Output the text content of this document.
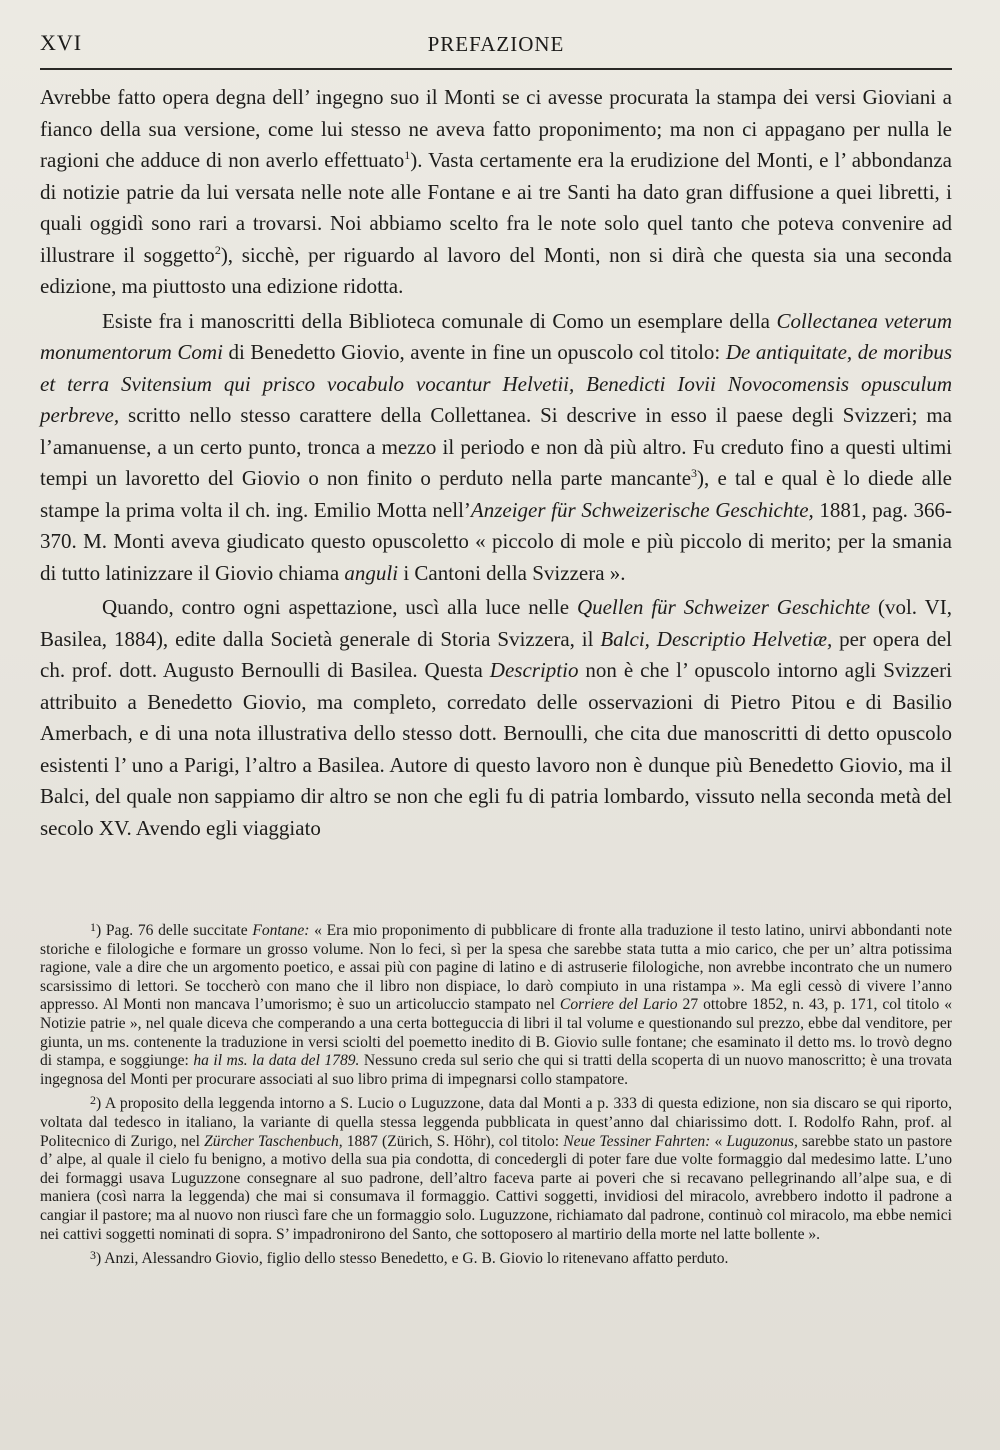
XVI	PREFAZIONE

Avrebbe fatto opera degna dell’ ingegno suo il Monti se ci avesse procurata la stampa dei versi Gioviani a fianco della sua versione, come lui stesso ne aveva fatto proponimento; ma non ci appagano per nulla le ragioni che adduce di non averlo effettuato$^1$). Vasta certamente era la erudizione del Monti, e l’ abbondanza di notizie patrie da lui versata nelle note alle Fontane e ai tre Santi ha dato gran diffusione a quei libretti, i quali oggidì sono rari a trovarsi. Noi abbiamo scelto fra le note solo quel tanto che poteva convenire ad illustrare il soggetto$^2$), sicchè, per riguardo al lavoro del Monti, non si dirà che questa sia una seconda edizione, ma piuttosto una edizione ridotta.

Esiste fra i manoscritti della Biblioteca comunale di Como un esemplare della Collectanea veterum monumentorum Comi di Benedetto Giovio, avente in fine un opuscolo col titolo: De antiquitate, de moribus et terra Svitensium qui prisco vocabulo vocantur Helvetii, Benedicti Iovii Novocomensis opusculum perbreve, scritto nello stesso carattere della Collettanea. Si descrive in esso il paese degli Svizzeri; ma l’amanuense, a un certo punto, tronca a mezzo il periodo e non dà più altro. Fu creduto fino a questi ultimi tempi un lavoretto del Giovio o non finito o perduto nella parte mancante$^3$), e tal e qual è lo diede alle stampe la prima volta il ch. ing. Emilio Motta nell’Anzeiger für Schweizerische Geschichte, 1881, pag. 366-370. M. Monti aveva giudicato questo opuscoletto « piccolo di mole e più piccolo di merito; per la smania di tutto latinizzare il Giovio chiama anguli i Cantoni della Svizzera ».

Quando, contro ogni aspettazione, uscì alla luce nelle Quellen für Schweizer Geschichte (vol. VI, Basilea, 1884), edite dalla Società generale di Storia Svizzera, il Balci, Descriptio Helvetiæ, per opera del ch. prof. dott. Augusto Bernoulli di Basilea. Questa Descriptio non è che l’ opuscolo intorno agli Svizzeri attribuito a Benedetto Giovio, ma completo, corredato delle osservazioni di Pietro Pitou e di Basilio Amerbach, e di una nota illustrativa dello stesso dott. Bernoulli, che cita due manoscritti di detto opuscolo esistenti l’ uno a Parigi, l’altro a Basilea. Autore di questo lavoro non è dunque più Benedetto Giovio, ma il Balci, del quale non sappiamo dir altro se non che egli fu di patria lombardo, vissuto nella seconda metà del secolo XV. Avendo egli viaggiato

$^1$) Pag. 76 delle succitate Fontane: « Era mio proponimento di pubblicare di fronte alla traduzione il testo latino, unirvi abbondanti note storiche e filologiche e formare un grosso volume. Non lo feci, sì per la spesa che sarebbe stata tutta a mio carico, che per un’ altra potissima ragione, vale a dire che un argomento poetico, e assai più con pagine di latino e di astruserie filologiche, non avrebbe incontrato che un numero scarsissimo di lettori. Se toccherò con mano che il libro non dispiace, lo darò compiuto in una ristampa ». Ma egli cessò di vivere l’anno appresso. Al Monti non mancava l’umorismo; è suo un articoluccio stampato nel Corriere del Lario 27 ottobre 1852, n. 43, p. 171, col titolo « Notizie patrie », nel quale diceva che comperando a una certa botteguccia di libri il tal volume e questionando sul prezzo, ebbe dal venditore, per giunta, un ms. contenente la traduzione in versi sciolti del poemetto inedito di B. Giovio sulle fontane; che esaminato il detto ms. lo trovò degno di stampa, e soggiunge: ha il ms. la data del 1789. Nessuno creda sul serio che qui si tratti della scoperta di un nuovo manoscritto; è una trovata ingegnosa del Monti per procurare associati al suo libro prima di impegnarsi collo stampatore.

$^2$) A proposito della leggenda intorno a S. Lucio o Luguzzone, data dal Monti a p. 333 di questa edizione, non sia discaro se qui riporto, voltata dal tedesco in italiano, la variante di quella stessa leggenda pubblicata in quest’anno dal chiarissimo dott. I. Rodolfo Rahn, prof. al Politecnico di Zurigo, nel Zürcher Taschenbuch, 1887 (Zürich, S. Höhr), col titolo: Neue Tessiner Fahrten: « Luguzonus, sarebbe stato un pastore d’ alpe, al quale il cielo fu benigno, a motivo della sua pia condotta, di concedergli di poter fare due volte formaggio dal medesimo latte. L’uno dei formaggi usava Luguzzone consegnare al suo padrone, dell’altro faceva parte ai poveri che si recavano pellegrinando all’alpe sua, e di maniera (così narra la leggenda) che mai si consumava il formaggio. Cattivi soggetti, invidiosi del miracolo, avrebbero indotto il padrone a cangiar il pastore; ma al nuovo non riuscì fare che un formaggio solo. Luguzzone, richiamato dal padrone, continuò col miracolo, ma ebbe nemici nei cattivi soggetti nominati di sopra. S’ impadronirono del Santo, che sottoposero al martirio della morte nel latte bollente ».

$^3$) Anzi, Alessandro Giovio, figlio dello stesso Benedetto, e G. B. Giovio lo ritenevano affatto perduto.
